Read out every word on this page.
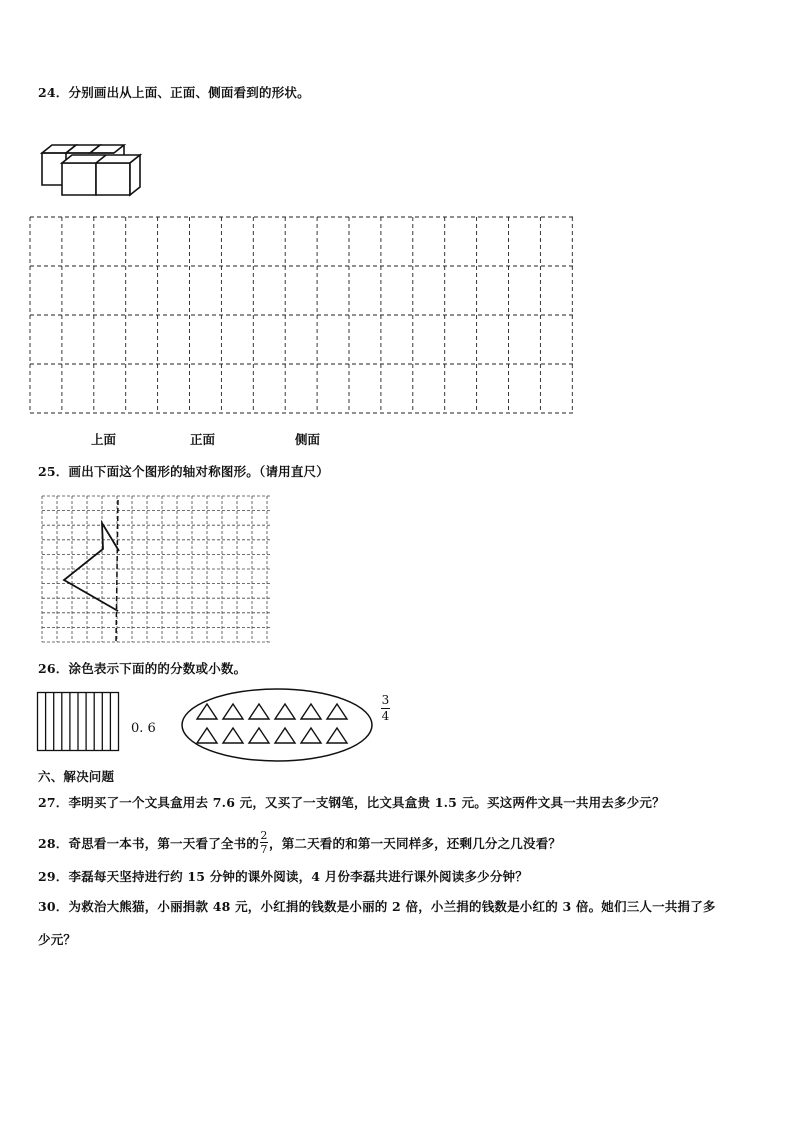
24．分别画出从上面、正面、侧面看到的形状。
上面	正面	侧面
25．画出下面这个图形的轴对称图形。（请用直尺）
26．涂色表示下面的的分数或小数。
0. 6
3
4
六、解决问题
27．李明买了一个文具盒用去 7.6 元，又买了一支钢笔，比文具盒贵 1.5 元。买这两件文具一共用去多少元？
28．奇思看一本书，第一天看了全书的 2
7 ，第二天看的和第一天同样多，还剩几分之几没看？
29．李磊每天坚持进行约 15 分钟的课外阅读，4 月份李磊共进行课外阅读多少分钟？
30．为救治大熊猫，小丽捐款 48 元，小红捐的钱数是小丽的 2 倍，小兰捐的钱数是小红的 3 倍。她们三人一共捐了多
少元？
